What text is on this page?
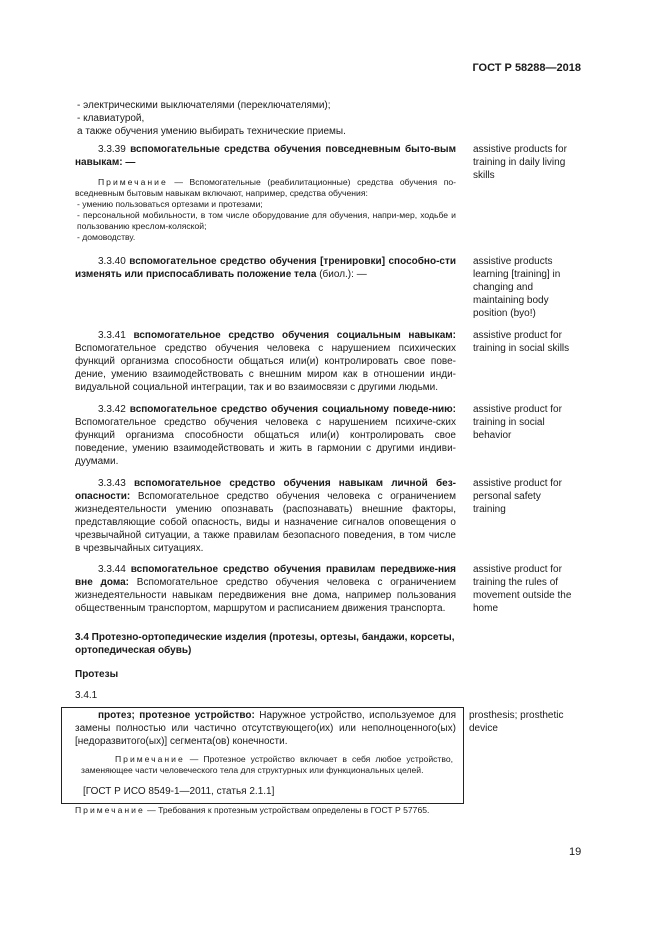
ГОСТ Р 58288—2018
- электрическими выключателями (переключателями);
- клавиатурой,
а также обучения умению выбирать технические приемы.
3.3.39 вспомогательные средства обучения повседневным быто-вым навыкам: —
assistive products for training in daily living skills
Примечание — Вспомогательные (реабилитационные) средства обучения по-вседневным бытовым навыкам включают, например, средства обучения:
- умению пользоваться ортезами и протезами;
- персональной мобильности, в том числе оборудование для обучения, напри-мер, ходьбе и пользованию креслом-коляской;
- домоводству.
3.3.40 вспомогательное средство обучения [тренировки] способно-сти изменять или приспосабливать положение тела (биол.): —
assistive products learning [training] in changing and maintaining body position (byo!)
3.3.41 вспомогательное средство обучения социальным навыкам: Вспомогательное средство обучения человека с нарушением психических функций организма способности общаться или(и) контролировать свое пове-дение, умению взаимодействовать с внешним миром как в отношении инди-видуальной социальной интеграции, так и во взаимосвязи с другими людьми.
assistive product for training in social skills
3.3.42 вспомогательное средство обучения социальному поведе-нию: Вспомогательное средство обучения человека с нарушением психиче-ских функций организма способности общаться или(и) контролировать свое поведение, умению взаимодействовать и жить в гармонии с другими индиви-дуумами.
assistive product for training in social behavior
3.3.43 вспомогательное средство обучения навыкам личной без-опасности: Вспомогательное средство обучения человека с ограничением жизнедеятельности умению опознавать (распознавать) внешние факторы, представляющие собой опасность, виды и назначение сигналов оповещения о чрезвычайной ситуации, а также правилам безопасного поведения, в том числе в чрезвычайных ситуациях.
assistive product for personal safety training
3.3.44 вспомогательное средство обучения правилам передвиже-ния вне дома: Вспомогательное средство обучения человека с ограничением жизнедеятельности навыкам передвижения вне дома, например пользования общественным транспортом, маршрутом и расписанием движения транспорта.
assistive product for training the rules of movement outside the home
3.4 Протезно-ортопедические изделия (протезы, ортезы, бандажи, корсеты, ортопедическая обувь)
Протезы
3.4.1
протез; протезное устройство: Наружное устройство, используемое для замены полностью или частично отсутствующего(их) или неполноценного(ых) [недоразвитого(ых)] сегмента(ов) конечности.
prosthesis; prosthetic device
Примечание — Протезное устройство включает в себя любое устройство, заменяющее части человеческого тела для структурных или функциональных целей.
[ГОСТ Р ИСО 8549-1—2011, статья 2.1.1]
Примечание — Требования к протезным устройствам определены в ГОСТ Р 57765.
19
